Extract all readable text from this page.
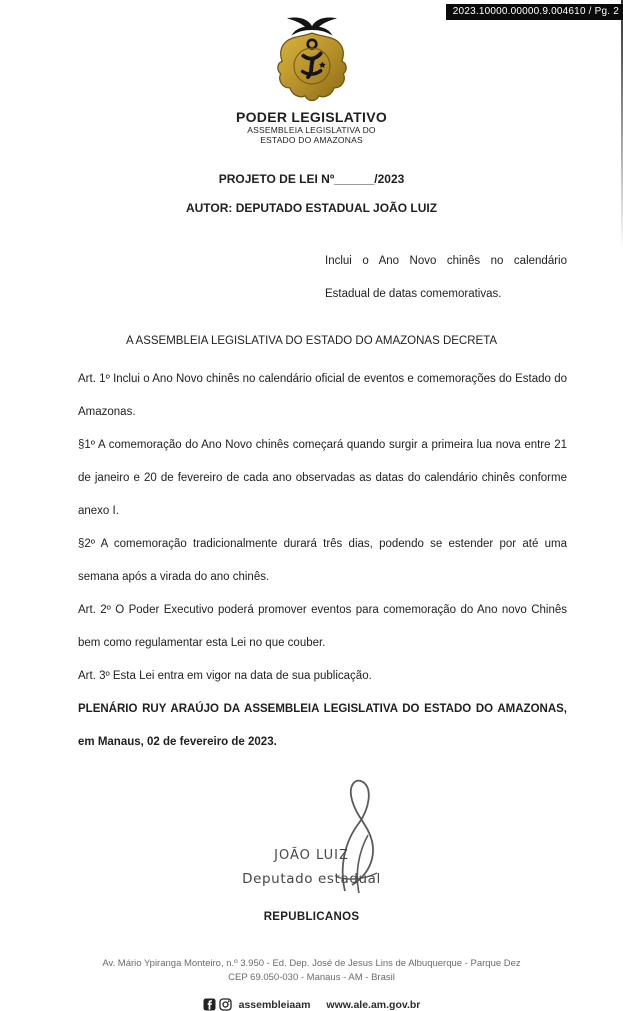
2023.10000.00000.9.004610 / Pg. 2
PODER LEGISLATIVO
ASSEMBLEIA LEGISLATIVA DO
ESTADO DO AMAZONAS
PROJETO DE LEI Nº______/2023
AUTOR: DEPUTADO ESTADUAL JOÃO LUIZ
Inclui o Ano Novo chinês no calendário Estadual de datas comemorativas.
A ASSEMBLEIA LEGISLATIVA DO ESTADO DO AMAZONAS DECRETA

Art. 1º Inclui o Ano Novo chinês no calendário oficial de eventos e comemorações do Estado do Amazonas.

§1º A comemoração do Ano Novo chinês começará quando surgir a primeira lua nova entre 21 de janeiro e 20 de fevereiro de cada ano observadas as datas do calendário chinês conforme anexo I.

§2º A comemoração tradicionalmente durará três dias, podendo se estender por até uma semana após a virada do ano chinês.

Art. 2º O Poder Executivo poderá promover eventos para comemoração do Ano novo Chinês bem como regulamentar esta Lei no que couber.

Art. 3º Esta Lei entra em vigor na data de sua publicação.

PLENÁRIO RUY ARAÚJO DA ASSEMBLEIA LEGISLATIVA DO ESTADO DO AMAZONAS, em Manaus, 02 de fevereiro de 2023.

JOÃO LUIZ
Deputado estadual
REPUBLICANOS
Av. Mário Ypiranga Monteiro, n.º 3.950 - Ed. Dep. José de Jesus Lins de Albuquerque - Parque Dez
CEP 69.050-030 - Manaus - AM - Brasil
assembleiaam www.ale.am.gov.br
